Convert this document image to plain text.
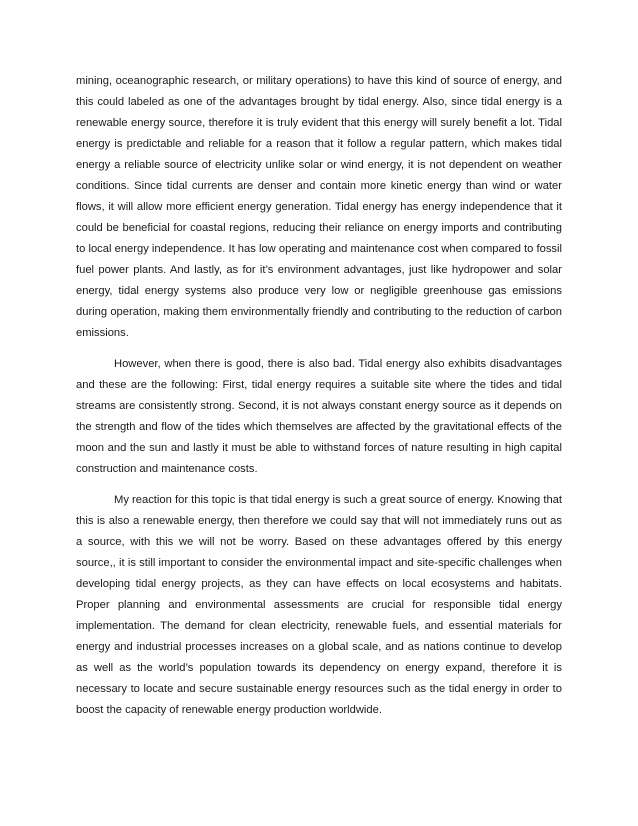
mining, oceanographic research, or military operations) to have this kind of source of energy, and this could labeled as one of the advantages brought by tidal energy. Also, since tidal energy is a renewable energy source, therefore it is truly evident that this energy will surely benefit a lot. Tidal energy is predictable and reliable for a reason that it follow a regular pattern, which makes tidal energy a reliable source of electricity unlike solar or wind energy, it is not dependent on weather conditions. Since tidal currents are denser and contain more kinetic energy than wind or water flows, it will allow more efficient energy generation. Tidal energy has energy independence that it could be beneficial for coastal regions, reducing their reliance on energy imports and contributing to local energy independence. It has low operating and maintenance cost when compared to fossil fuel power plants. And lastly, as for it’s environment advantages, just like hydropower and solar energy, tidal energy systems also produce very low or negligible greenhouse gas emissions during operation, making them environmentally friendly and contributing to the reduction of carbon emissions.

However, when there is good, there is also bad. Tidal energy also exhibits disadvantages and these are the following: First, tidal energy requires a suitable site where the tides and tidal streams are consistently strong. Second, it is not always constant energy source as it depends on the strength and flow of the tides which themselves are affected by the gravitational effects of the moon and the sun and lastly it must be able to withstand forces of nature resulting in high capital construction and maintenance costs.

My reaction for this topic is that tidal energy is such a great source of energy. Knowing that this is also a renewable energy, then therefore we could say that will not immediately runs out as a source, with this we will not be worry. Based on these advantages offered by this energy source,, it is still important to consider the environmental impact and site-specific challenges when developing tidal energy projects, as they can have effects on local ecosystems and habitats. Proper planning and environmental assessments are crucial for responsible tidal energy implementation. The demand for clean electricity, renewable fuels, and essential materials for energy and industrial processes increases on a global scale, and as nations continue to develop as well as the world’s population towards its dependency on energy expand, therefore it is necessary to locate and secure sustainable energy resources such as the tidal energy in order to boost the capacity of renewable energy production worldwide.
